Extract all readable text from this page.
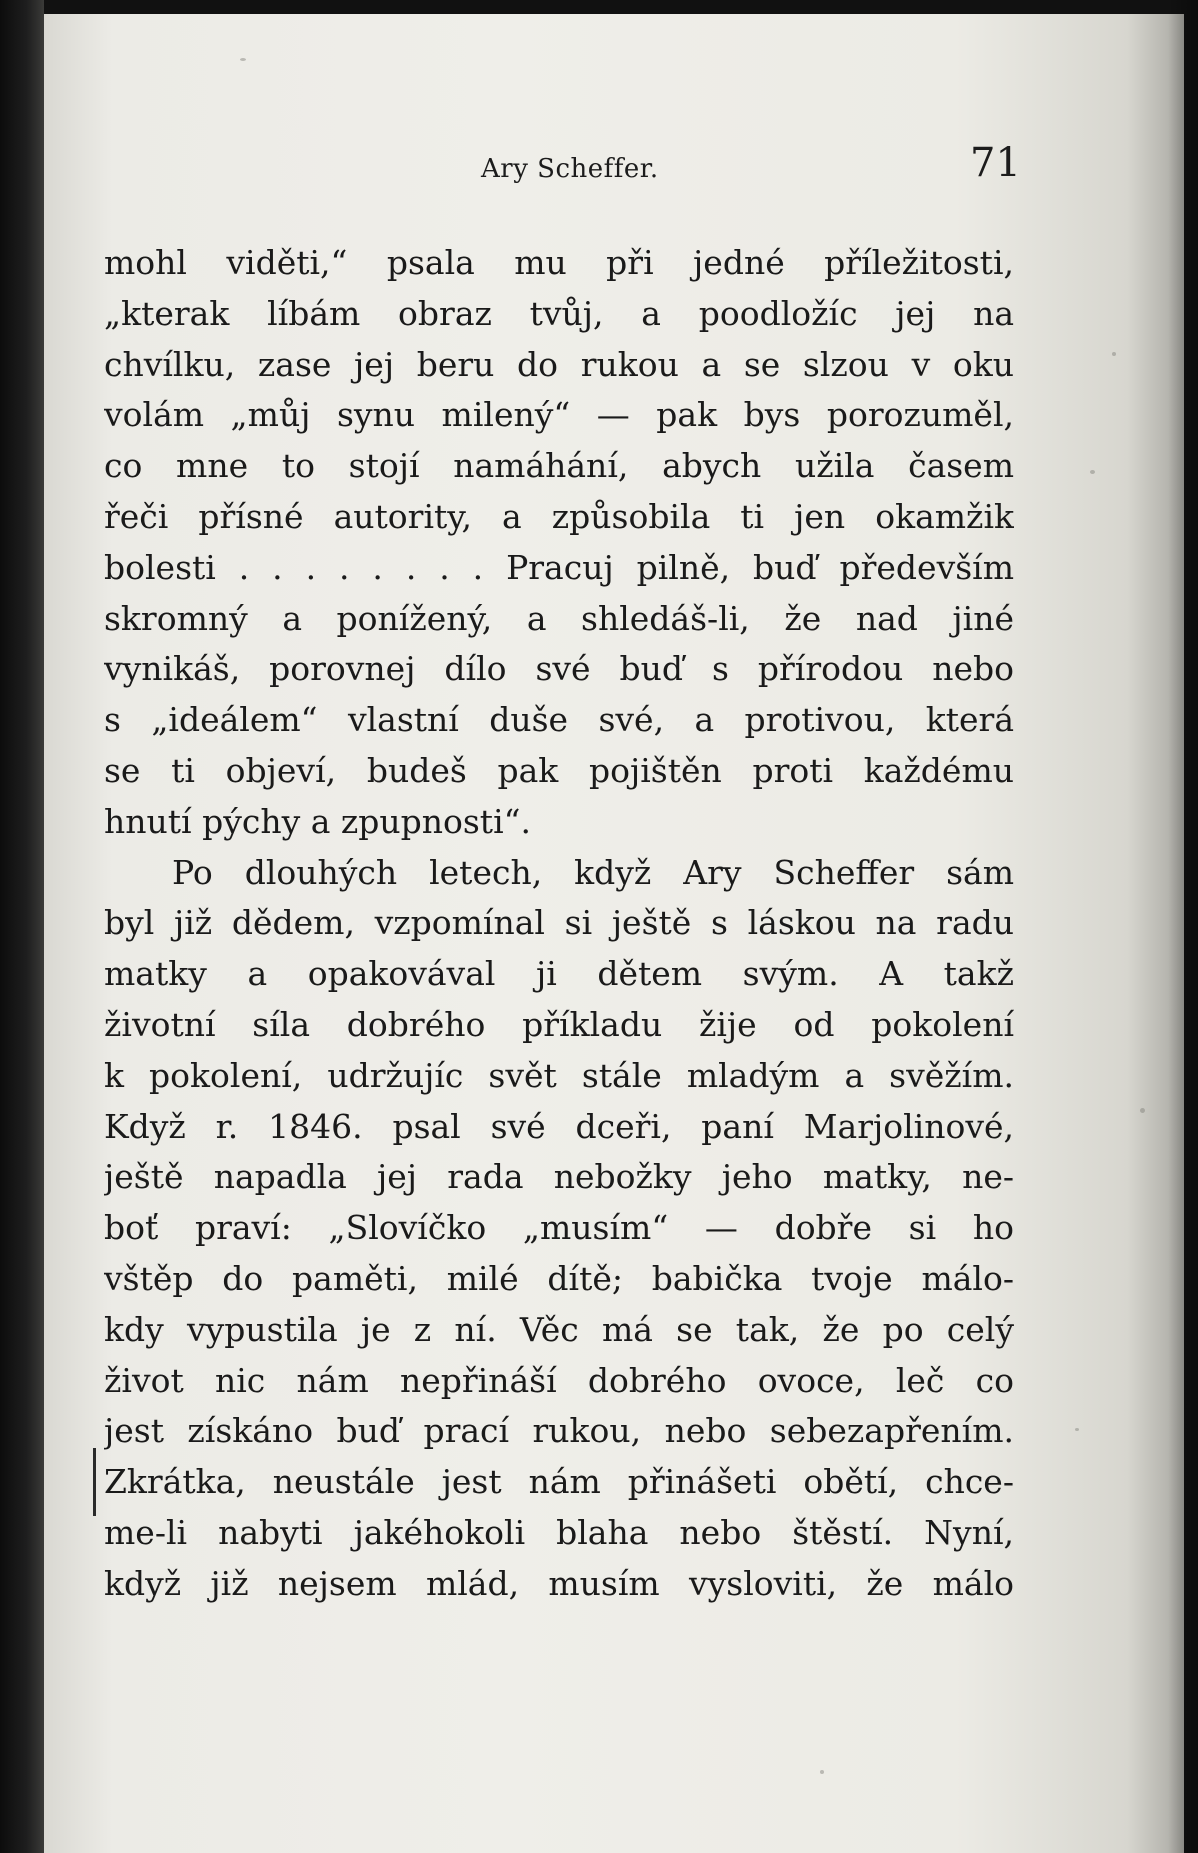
Ary Scheffer.	71
mohl viděti,“ psala mu při jedné příležitosti,
„kterak líbám obraz tvůj, a poodložíc jej na
chvílku, zase jej beru do rukou a se slzou v oku
volám „můj synu milený“ — pak bys porozuměl,
co mne to stojí namáhání, abych užila časem
řeči přísné autority, a způsobila ti jen okamžik
bolesti . . . . . . . . Pracuj pilně, buď především
skromný a ponížený, a shledáš-li, že nad jiné
vynikáš, porovnej dílo své buď s přírodou nebo
s „ideálem“ vlastní duše své, a protivou, která
se ti objeví, budeš pak pojištěn proti každému
hnutí pýchy a zpupnosti“.
Po dlouhých letech, když Ary Scheffer sám
byl již dědem, vzpomínal si ještě s láskou na radu
matky a opakovával ji dětem svým. A takž
životní síla dobrého příkladu žije od pokolení
k pokolení, udržujíc svět stále mladým a svěžím.
Když r. 1846. psal své dceři, paní Marjolinové,
ještě napadla jej rada nebožky jeho matky, ne-
boť praví: „Slovíčko „musím“ — dobře si ho
vštěp do paměti, milé dítě; babička tvoje málo-
kdy vypustila je z ní. Věc má se tak, že po celý
život nic nám nepřináší dobrého ovoce, leč co
jest získáno buď prací rukou, nebo sebezapřením.
Zkrátka, neustále jest nám přinášeti obětí, chce-
me-li nabyti jakéhokoli blaha nebo štěstí. Nyní,
když již nejsem mlád, musím vysloviti, že málo
